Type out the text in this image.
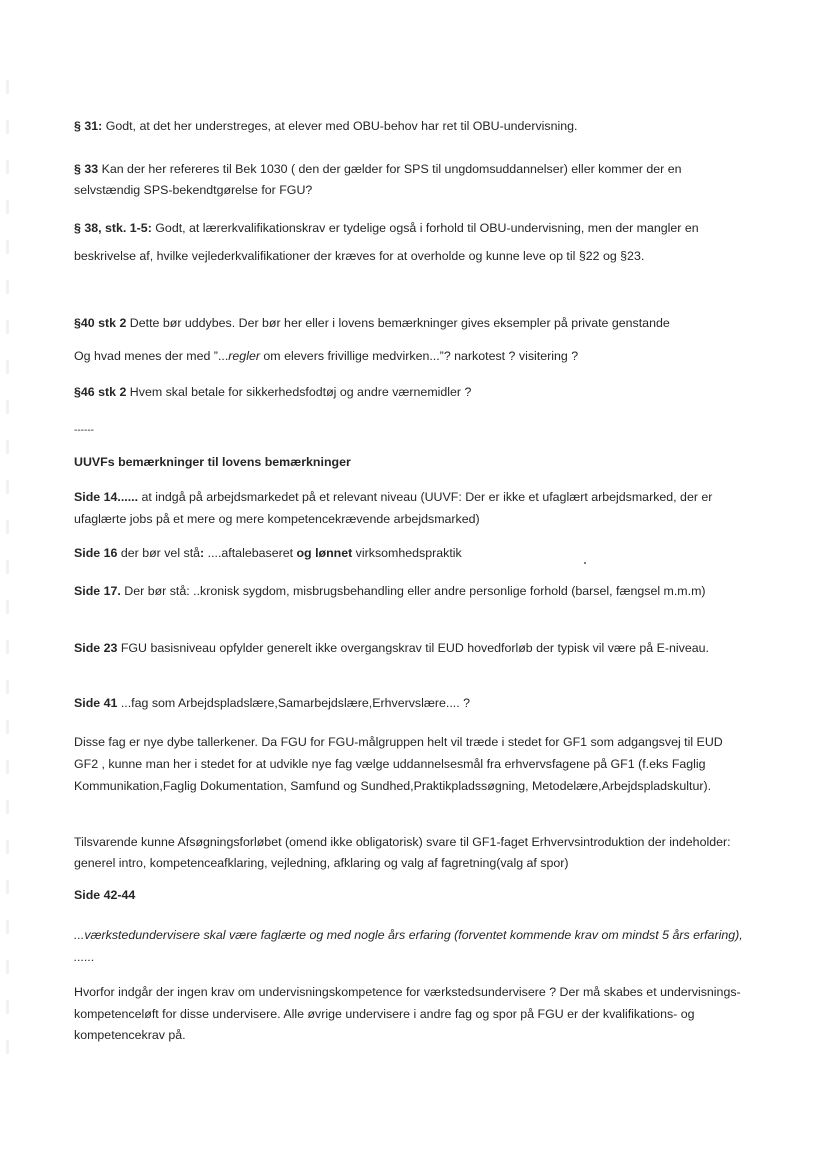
§ 31: Godt, at det her understreges, at elever med OBU-behov har ret til OBU-undervisning.

§ 33 Kan der her refereres til Bek 1030 ( den der gælder for SPS til ungdomsuddannelser) eller kommer der en selvstændig SPS-bekendtgørelse for FGU?

§ 38, stk. 1-5: Godt, at lærerkvalifikationskrav er tydelige også i forhold til OBU-undervisning, men der mangler en beskrivelse af, hvilke vejlederkvalifikationer der kræves for at overholde og kunne leve op til §22 og §23.

§40 stk 2 Dette bør uddybes. Der bør her eller i lovens bemærkninger gives eksempler på private genstande

Og hvad menes der med ”...regler om elevers frivillige medvirken...”? narkotest ? visitering ?

§46 stk 2 Hvem skal betale for sikkerhedsfodtøj og andre værnemidler ?

------

UUVFs bemærkninger til lovens bemærkninger

Side 14...... at indgå på arbejdsmarkedet på et relevant niveau (UUVF: Der er ikke et ufaglært arbejdsmarked, der er ufaglærte jobs på et mere og mere kompetencekrævende arbejdsmarked)

Side 16 der bør vel stå: ....aftalebaseret og lønnet virksomhedspraktik

Side 17. Der bør stå: ..kronisk sygdom, misbrugsbehandling eller andre personlige forhold (barsel, fængsel m.m.m)

Side 23 FGU basisniveau opfylder generelt ikke overgangskrav til EUD hovedforløb der typisk vil være på E-niveau.

Side 41 ...fag som Arbejdspladslære,Samarbejdslære,Erhvervslære.... ?

Disse fag er nye dybe tallerkener. Da FGU for FGU-målgruppen helt vil træde i stedet for GF1 som adgangsvej til EUD GF2 , kunne man her i stedet for at udvikle nye fag vælge uddannelsesmål fra erhvervsfagene på GF1 (f.eks Faglig Kommunikation,Faglig Dokumentation, Samfund og Sundhed,Praktikpladssøgning, Metodelære,Arbejdspladskultur).

Tilsvarende kunne Afsøgningsforløbet (omend ikke obligatorisk) svare til GF1-faget Erhvervsintroduktion der indeholder: generel intro, kompetenceafklaring, vejledning, afklaring og valg af fagretning(valg af spor)

Side 42-44

...værkstedundervisere skal være faglærte og med nogle års erfaring (forventet kommende krav om mindst 5 års erfaring), ......

Hvorfor indgår der ingen krav om undervisningskompetence for værkstedsundervisere ? Der må skabes et undervisnings-kompetenceløft for disse undervisere. Alle øvrige undervisere i andre fag og spor på FGU er der kvalifikations- og kompetencekrav på.
